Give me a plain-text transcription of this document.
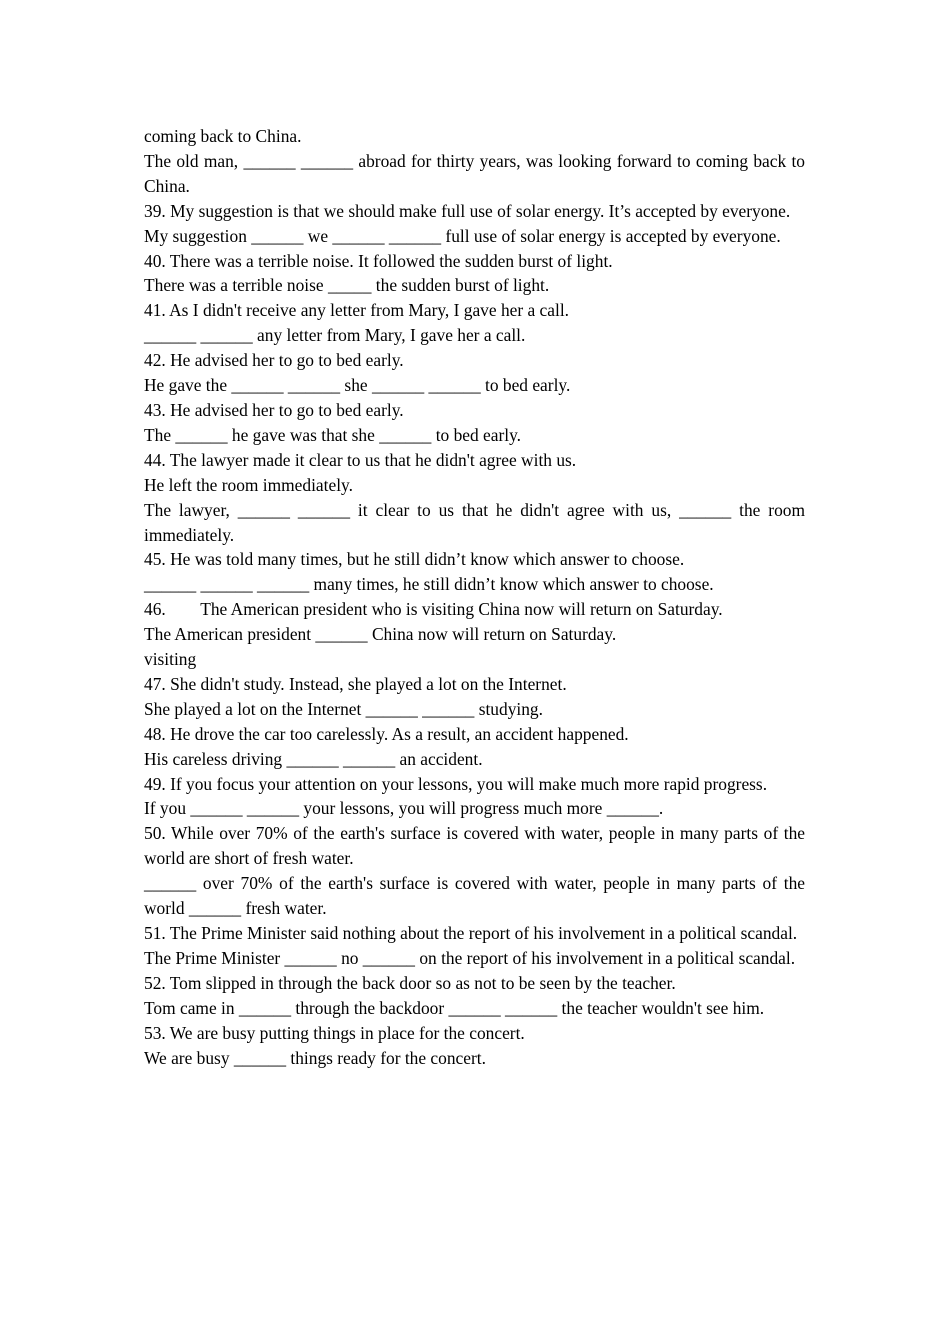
coming back to China.
The old man, ______ ______ abroad for thirty years, was looking forward to coming back to China.
39. My suggestion is that we should make full use of solar energy. It’s accepted by everyone.
My suggestion ______ we ______ ______ full use of solar energy is accepted by everyone.
40. There was a terrible noise. It followed the sudden burst of light.
There was a terrible noise _____ the sudden burst of light.
41. As I didn't receive any letter from Mary, I gave her a call.
______ ______ any letter from Mary, I gave her a call.
42. He advised her to go to bed early.
He gave the ______ ______ she ______ ______ to bed early.
43. He advised her to go to bed early.
The ______ he gave was that she ______ to bed early.
44. The lawyer made it clear to us that he didn't agree with us.
He left the room immediately.
The lawyer, ______ ______ it clear to us that he didn't agree with us, ______ the room immediately.
45. He was told many times, but he still didn’t know which answer to choose.
______ ______ ______ many times, he still didn’t know which answer to choose.
46.        The American president who is visiting China now will return on Saturday.
The American president ______ China now will return on Saturday.
visiting
47. She didn't study. Instead, she played a lot on the Internet.
She played a lot on the Internet ______ ______ studying.
48. He drove the car too carelessly. As a result, an accident happened.
His careless driving ______ ______ an accident.
49. If you focus your attention on your lessons, you will make much more rapid progress.
If you ______ ______ your lessons, you will progress much more ______.
50. While over 70% of the earth's surface is covered with water, people in many parts of the world are short of fresh water.
______ over 70% of the earth's surface is covered with water, people in many parts of the world ______ fresh water.
51. The Prime Minister said nothing about the report of his involvement in a political scandal.
The Prime Minister ______ no ______ on the report of his involvement in a political scandal.
52. Tom slipped in through the back door so as not to be seen by the teacher.
Tom came in ______ through the backdoor ______ ______ the teacher wouldn't see him.
53. We are busy putting things in place for the concert.
We are busy ______ things ready for the concert.
